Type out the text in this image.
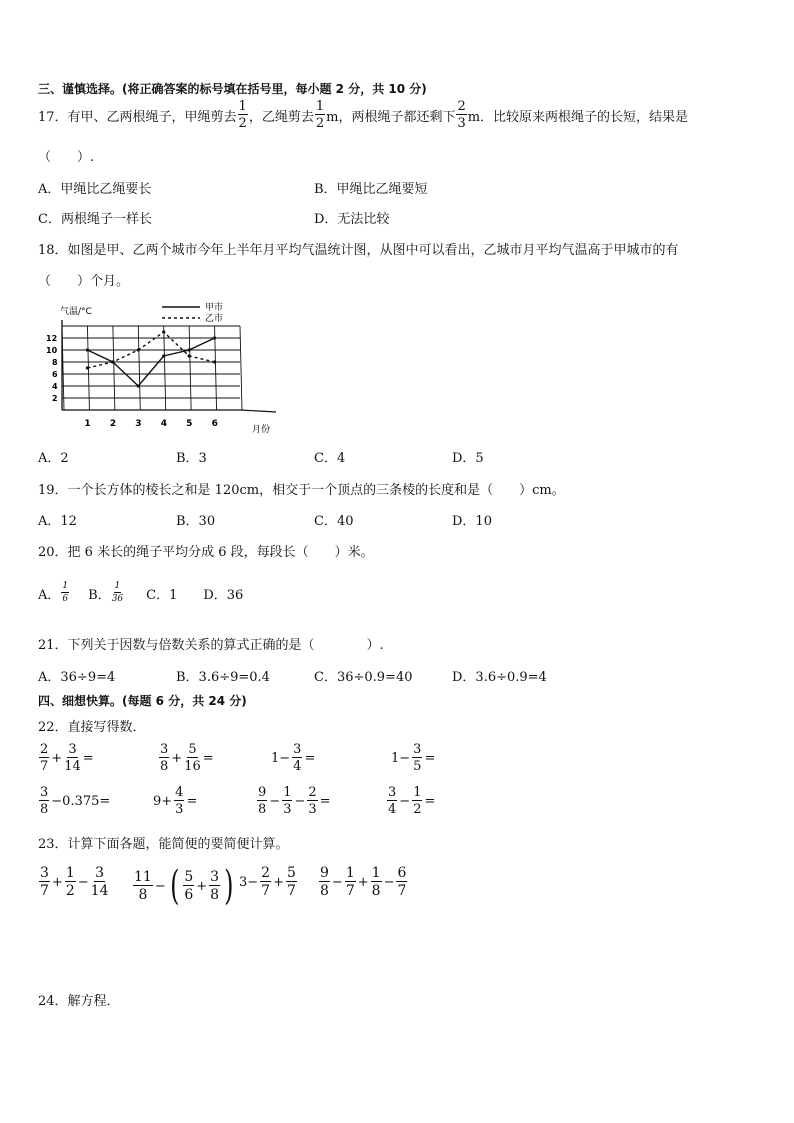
三、谨慎选择。(将正确答案的标号填在括号里，每小题 2 分，共 10 分)
17．有甲、乙两根绳子，甲绳剪去 $\frac{1}{2}$ ，乙绳剪去 $\frac{1}{2}$ m，两根绳子都还剩下 $\frac{2}{3}$ m．比较原来两根绳子的长短，结果是
（　　）.
A．甲绳比乙绳要长	B．甲绳比乙绳要短
C．两根绳子一样长	D．无法比较
18．如图是甲、乙两个城市今年上半年月平均气温统计图，从图中可以看出，乙城市月平均气温高于甲城市的有
（　　）个月。
气温/°C	甲市
乙市
1 2 3 4 5 6
2
4
6
8
10
12
月份
A．2	B．3	C．4	D．5
19．一个长方体的棱长之和是 120cm，相交于一个顶点的三条棱的长度和是（　　）cm。
A．12	B．30	C．40	D．10
20．把 6 米长的绳子平均分成 6 段，每段长（　　）米。
A． $\frac{1}{6}$ B． $\frac{1}{36}$ C．1 D．36
21．下列关于因数与倍数关系的算式正确的是（　　　　）.
A．36÷9=4	B．3.6÷9=0.4	C．36÷0.9=40	D．3.6÷0.9=4
四、细想快算。(每题 6 分，共 24 分)
22．直接写得数．
$\frac{2}{7} + \frac{3}{14}$ =	$\frac{3}{8} + \frac{5}{16}$ =	$1- \frac{3}{4}$ =	$1- \frac{3}{5}$ =
$\frac{3}{8} -0.375=$	$9+ \frac{4}{3}$ =	$\frac{9}{8} - \frac{1}{3} - \frac{2}{3}$ =	$\frac{3}{4} - \frac{1}{2}$ =
23．计算下面各题，能简便的要简便计算。
$\frac{3}{7} + \frac{1}{2} - \frac{3}{14} \frac{11}{8}$ − ( $\frac{5}{6} + \frac{3}{8}$ ) $3- \frac{2}{7} + \frac{5}{7} \frac{9}{8} - \frac{1}{7} + \frac{1}{8} - \frac{6}{7}$
24．解方程．
